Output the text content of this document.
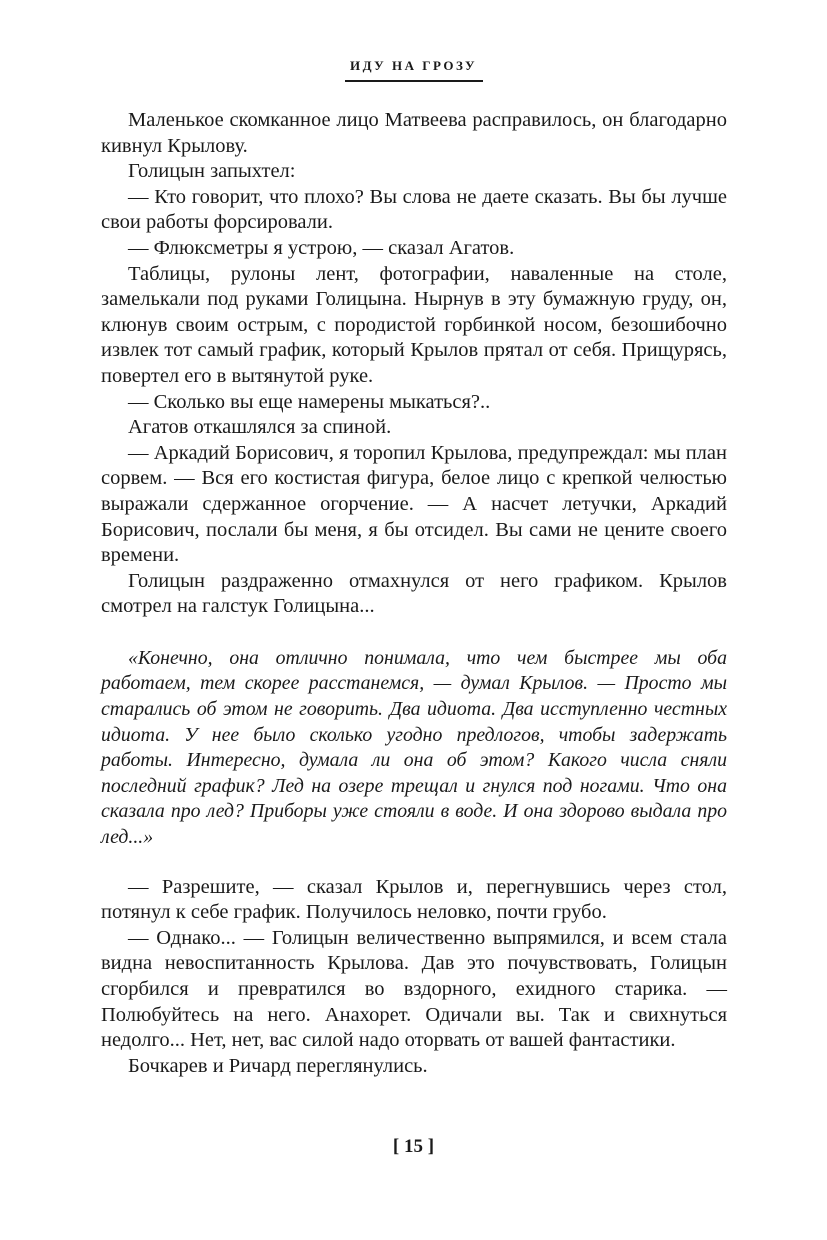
ИДУ НА ГРОЗУ

Маленькое скомканное лицо Матвеева расправилось, он благодарно кивнул Крылову.

Голицын запыхтел:

— Кто говорит, что плохо? Вы слова не даете сказать. Вы бы лучше свои работы форсировали.

— Флюксметры я устрою, — сказал Агатов.

Таблицы, рулоны лент, фотографии, наваленные на столе, замелькали под руками Голицына. Нырнув в эту бумажную груду, он, клюнув своим острым, с породистой горбинкой носом, безошибочно извлек тот самый график, который Крылов прятал от себя. Прищурясь, повертел его в вытянутой руке.

— Сколько вы еще намерены мыкаться?..

Агатов откашлялся за спиной.

— Аркадий Борисович, я торопил Крылова, предупреждал: мы план сорвем. — Вся его костистая фигура, белое лицо с крепкой челюстью выражали сдержанное огорчение. — А насчет летучки, Аркадий Борисович, послали бы меня, я бы отсидел. Вы сами не цените своего времени.

Голицын раздраженно отмахнулся от него графиком. Крылов смотрел на галстук Голицына...

«Конечно, она отлично понимала, что чем быстрее мы оба работаем, тем скорее расстанемся, — думал Крылов. — Просто мы старались об этом не говорить. Два идиота. Два исступленно честных идиота. У нее было сколько угодно предлогов, чтобы задержать работы. Интересно, думала ли она об этом? Какого числа сняли последний график? Лед на озере трещал и гнулся под ногами. Что она сказала про лед? Приборы уже стояли в воде. И она здорово выдала про лед...»

— Разрешите, — сказал Крылов и, перегнувшись через стол, потянул к себе график. Получилось неловко, почти грубо.

— Однако... — Голицын величественно выпрямился, и всем стала видна невоспитанность Крылова. Дав это почувствовать, Голицын сгорбился и превратился во вздорного, ехидного старика. — Полюбуйтесь на него. Анахорет. Одичали вы. Так и свихнуться недолго... Нет, нет, вас силой надо оторвать от вашей фантастики.

Бочкарев и Ричард переглянулись.

[ 15 ]
